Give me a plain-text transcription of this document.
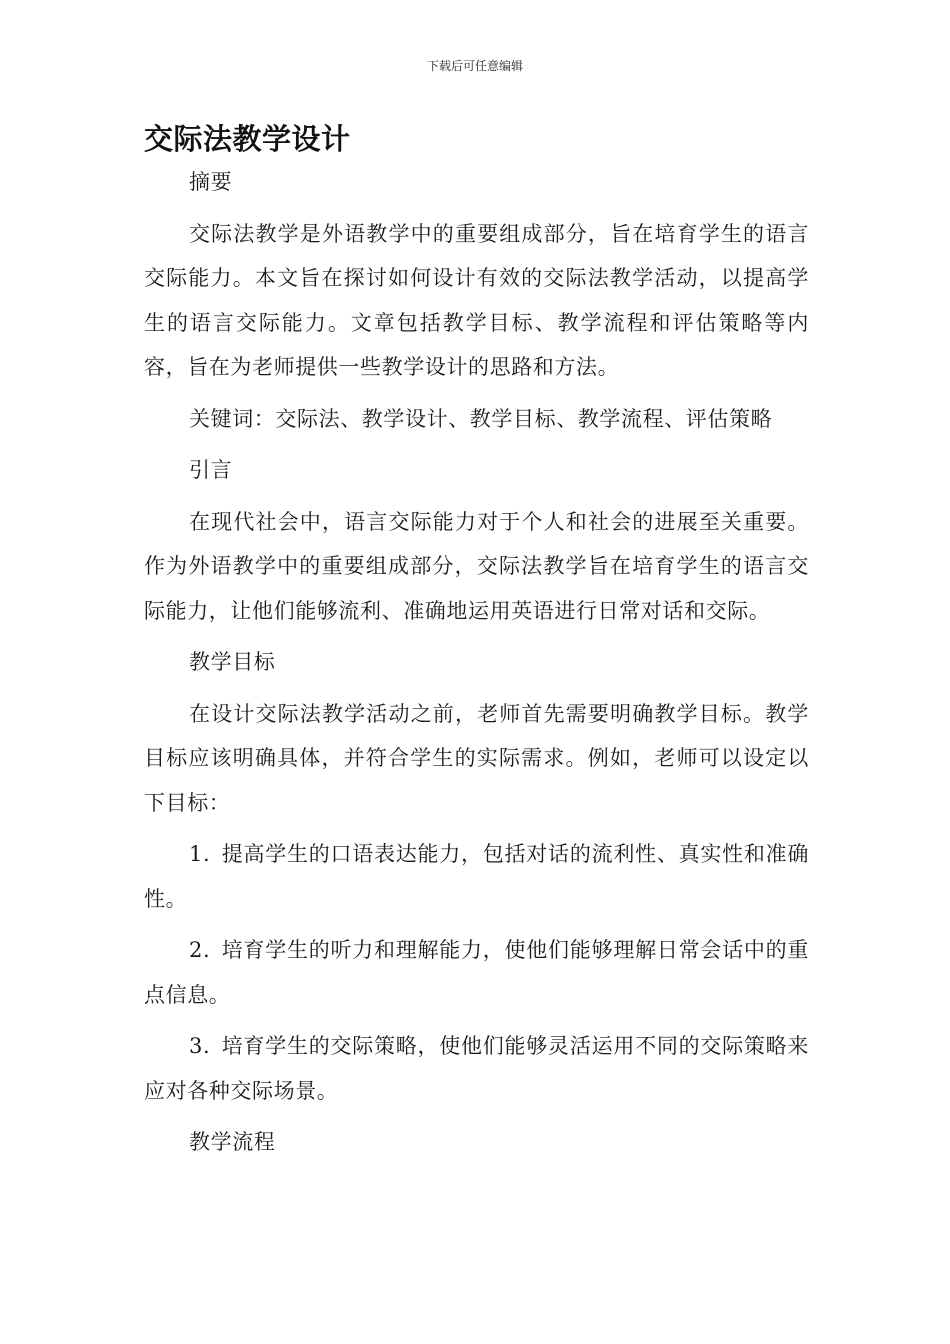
下载后可任意编辑
交际法教学设计

摘要

交际法教学是外语教学中的重要组成部分，旨在培育学生的语言交际能力。本文旨在探讨如何设计有效的交际法教学活动，以提高学生的语言交际能力。文章包括教学目标、教学流程和评估策略等内容，旨在为老师提供一些教学设计的思路和方法。

关键词：交际法、教学设计、教学目标、教学流程、评估策略

引言

在现代社会中，语言交际能力对于个人和社会的进展至关重要。作为外语教学中的重要组成部分，交际法教学旨在培育学生的语言交际能力，让他们能够流利、准确地运用英语进行日常对话和交际。

教学目标

在设计交际法教学活动之前，老师首先需要明确教学目标。教学目标应该明确具体，并符合学生的实际需求。例如，老师可以设定以下目标：

1. 提高学生的口语表达能力，包括对话的流利性、真实性和准确性。

2. 培育学生的听力和理解能力，使他们能够理解日常会话中的重点信息。

3. 培育学生的交际策略，使他们能够灵活运用不同的交际策略来应对各种交际场景。

教学流程
